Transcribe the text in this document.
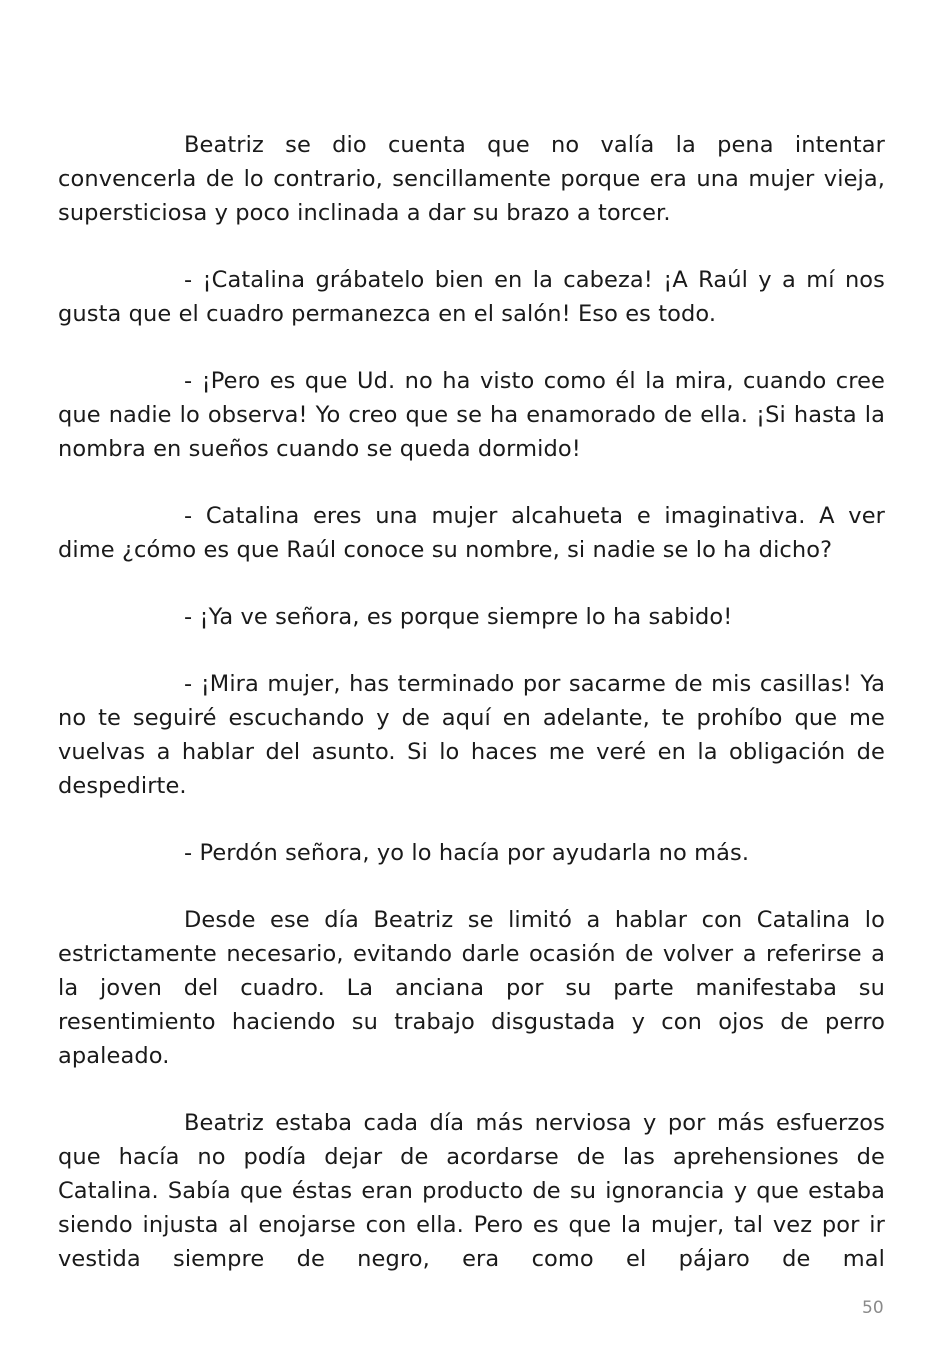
Beatriz se dio cuenta que no valía la pena intentar convencerla de lo contrario, sencillamente porque era una mujer vieja, supersticiosa y poco inclinada a dar su brazo a torcer.

- ¡Catalina grábatelo bien en la cabeza! ¡A Raúl y a mí nos gusta que el cuadro permanezca en el salón! Eso es todo.

- ¡Pero es que Ud. no ha visto como él la mira, cuando cree que nadie lo observa! Yo creo que se ha enamorado de ella. ¡Si hasta la nombra en sueños cuando se queda dormido!

- Catalina eres una mujer alcahueta e imaginativa. A ver dime ¿cómo es que Raúl conoce su nombre, si nadie se lo ha dicho?

- ¡Ya ve señora, es porque siempre lo ha sabido!

- ¡Mira mujer, has terminado por sacarme de mis casillas! Ya no te seguiré escuchando y de aquí en adelante, te prohíbo que me vuelvas a hablar del asunto. Si lo haces me veré en la obligación de despedirte.

- Perdón señora, yo lo hacía por ayudarla no más.

Desde ese día Beatriz se limitó a hablar con Catalina lo estrictamente necesario, evitando darle ocasión de volver a referirse a la joven del cuadro. La anciana por su parte manifestaba su resentimiento haciendo su trabajo disgustada y con ojos de perro apaleado.

Beatriz estaba cada día más nerviosa y por más esfuerzos que hacía no podía dejar de acordarse de las aprehensiones de Catalina. Sabía que éstas eran producto de su ignorancia y que estaba siendo injusta al enojarse con ella. Pero es que la mujer, tal vez por ir vestida siempre de negro, era como el pájaro de mal

50
